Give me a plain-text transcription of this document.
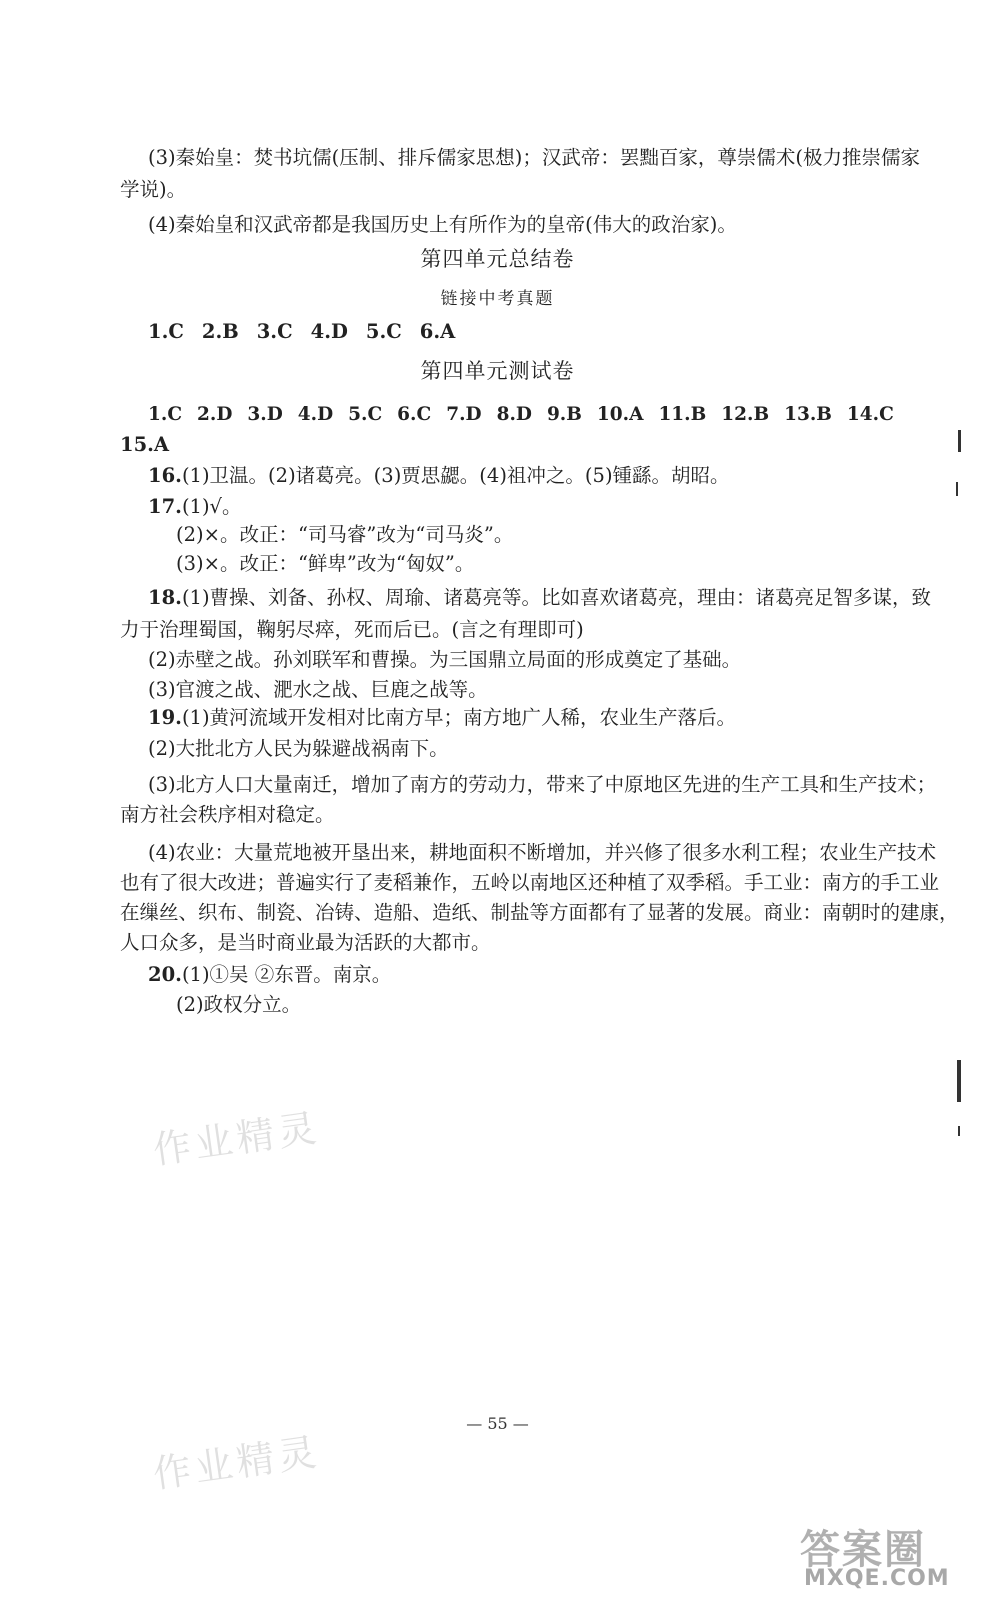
(3)秦始皇：焚书坑儒(压制、排斥儒家思想)；汉武帝：罢黜百家，尊崇儒术(极力推崇儒家
学说)。
(4)秦始皇和汉武帝都是我国历史上有所作为的皇帝(伟大的政治家)。
第四单元总结卷
链接中考真题
1.C 2.B 3.C 4.D 5.C 6.A
第四单元测试卷
1.C 2.D 3.D 4.D 5.C 6.C 7.D 8.D 9.B 10.A 11.B 12.B 13.B 14.C
15.A
16.(1)卫温。(2)诸葛亮。(3)贾思勰。(4)祖冲之。(5)锺繇。胡昭。
17.(1)√。
(2)×。改正：“司马睿”改为“司马炎”。
(3)×。改正：“鲜卑”改为“匈奴”。
18.(1)曹操、刘备、孙权、周瑜、诸葛亮等。比如喜欢诸葛亮，理由：诸葛亮足智多谋，致
力于治理蜀国，鞠躬尽瘁，死而后已。(言之有理即可)
(2)赤壁之战。孙刘联军和曹操。为三国鼎立局面的形成奠定了基础。
(3)官渡之战、淝水之战、巨鹿之战等。
19.(1)黄河流域开发相对比南方早；南方地广人稀，农业生产落后。
(2)大批北方人民为躲避战祸南下。
(3)北方人口大量南迁，增加了南方的劳动力，带来了中原地区先进的生产工具和生产技术；
南方社会秩序相对稳定。
(4)农业：大量荒地被开垦出来，耕地面积不断增加，并兴修了很多水利工程；农业生产技术
也有了很大改进；普遍实行了麦稻兼作，五岭以南地区还种植了双季稻。手工业：南方的手工业
在缫丝、织布、制瓷、冶铸、造船、造纸、制盐等方面都有了显著的发展。商业：南朝时的建康，
人口众多，是当时商业最为活跃的大都市。
20.(1)①吴 ②东晋。南京。
(2)政权分立。
作业精灵
作业精灵
— 55 —
答案圈
MXQE.COM
